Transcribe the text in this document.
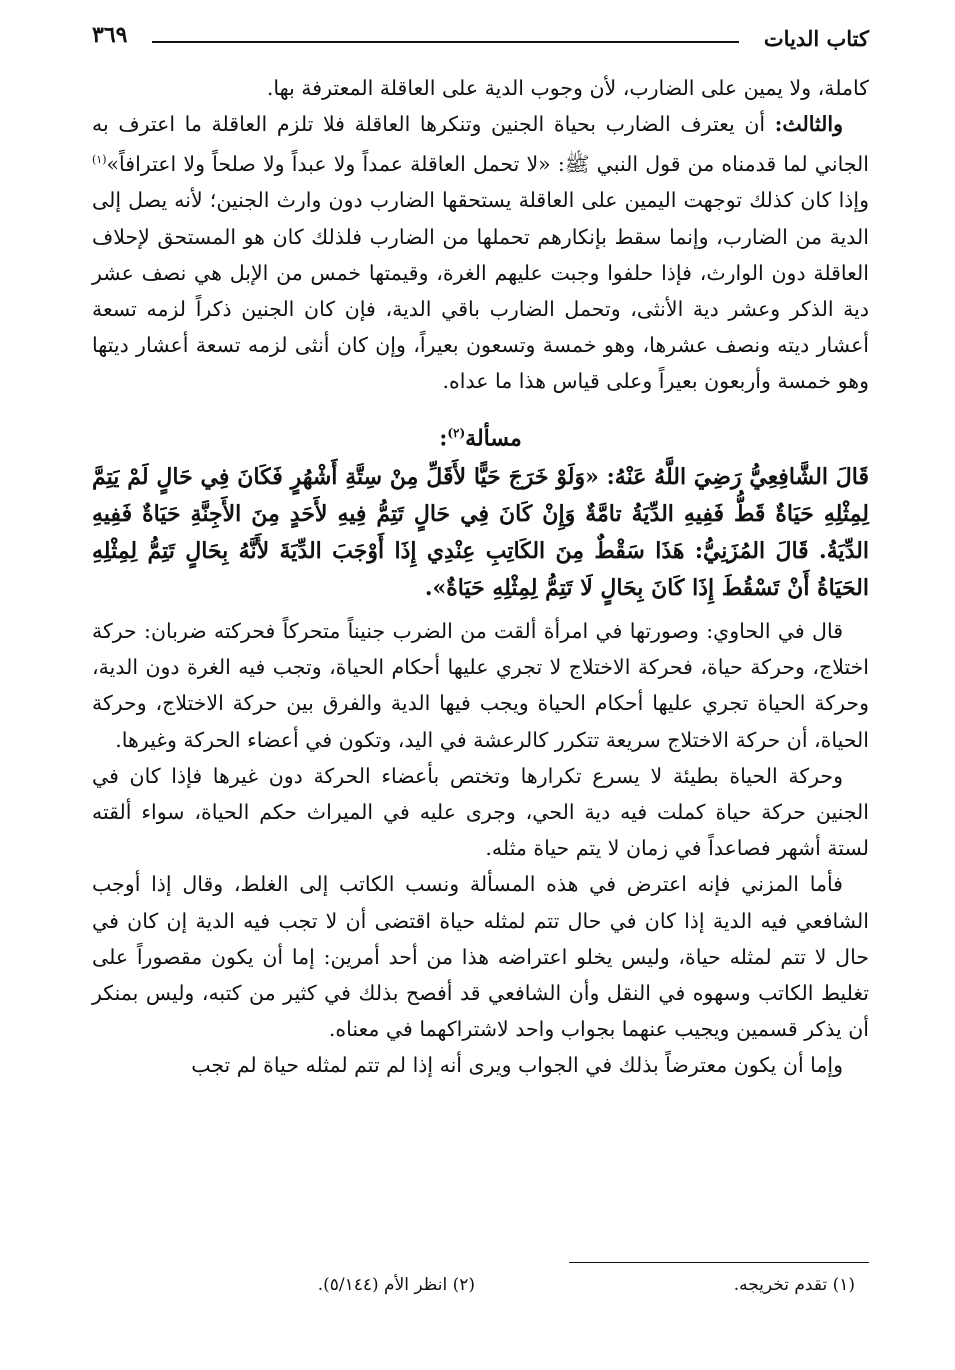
كتاب الديات
٣٦٩

كاملة، ولا يمين على الضارب، لأن وجوب الدية على العاقلة المعترفة بها.

والثالث: أن يعترف الضارب بحياة الجنين وتنكرها العاقلة فلا تلزم العاقلة ما اعترف به الجاني لما قدمناه من قول النبي ﷺ: «لا تحمل العاقلة عمداً ولا عبداً ولا صلحاً ولا اعترافاً»$^{(١)}$ وإذا كان كذلك توجهت اليمين على العاقلة يستحقها الضارب دون وارث الجنين؛ لأنه يصل إلى الدية من الضارب، وإنما سقط بإنكارهم تحملها من الضارب فلذلك كان هو المستحق لإحلاف العاقلة دون الوارث، فإذا حلفوا وجبت عليهم الغرة، وقيمتها خمس من الإبل هي نصف عشر دية الذكر وعشر دية الأنثى، وتحمل الضارب باقي الدية، فإن كان الجنين ذكراً لزمه تسعة أعشار ديته ونصف عشرها، وهو خمسة وتسعون بعيراً، وإن كان أنثى لزمه تسعة أعشار ديتها وهو خمسة وأربعون بعيراً وعلى قياس هذا ما عداه.

مسألة$^{(٢)}$:

قَالَ الشَّافِعِيُّ رَضِيَ اللَّهُ عَنْهُ: «وَلَوْ خَرَجَ حَيًّا لأَقَلِّ مِنْ سِتَّةِ أَشْهُرٍ فَكَانَ فِي حَالٍ لَمْ يَتِمَّ لِمِثْلِهِ حَيَاةٌ قَطُّ فَفِيهِ الدِّيَةُ تامَّةٌ وَإِنْ كَانَ فِي حَالٍ تَتِمُّ فِيهِ لأَحَدٍ مِنَ الأَجِنَّةِ حَيَاةٌ فَفِيهِ الدِّيَةُ. قَالَ المُزَنِيُّ: هَذَا سَقْطٌ مِنَ الكَاتِبِ عِنْدِي إِذَا أَوْجَبَ الدِّيَةَ لأَنَّهُ بِحَالٍ تَتِمُّ لِمِثْلِهِ الحَيَاةُ أَنْ تَسْقُطَ إِذَا كَانَ بِحَالٍ لَا تَتِمُّ لِمِثْلِهِ حَيَاةٌ».

قال في الحاوي: وصورتها في امرأة ألقت من الضرب جنيناً متحركاً فحركته ضربان: حركة اختلاج، وحركة حياة، فحركة الاختلاج لا تجري عليها أحكام الحياة، وتجب فيه الغرة دون الدية، وحركة الحياة تجري عليها أحكام الحياة ويجب فيها الدية والفرق بين حركة الاختلاج، وحركة الحياة، أن حركة الاختلاج سريعة تتكرر كالرعشة في اليد، وتكون في أعضاء الحركة وغيرها.

وحركة الحياة بطيئة لا يسرع تكرارها وتختص بأعضاء الحركة دون غيرها فإذا كان في الجنين حركة حياة كملت فيه دية الحي، وجرى عليه في الميراث حكم الحياة، سواء ألقته لستة أشهر فصاعداً في زمان لا يتم حياة مثله.

فأما المزني فإنه اعترض في هذه المسألة ونسب الكاتب إلى الغلط، وقال إذا أوجب الشافعي فيه الدية إذا كان في حال تتم لمثله حياة اقتضى أن لا تجب فيه الدية إن كان في حال لا تتم لمثله حياة، وليس يخلو اعتراضه هذا من أحد أمرين: إما أن يكون مقصوراً على تغليط الكاتب وسهوه في النقل وأن الشافعي قد أفصح بذلك في كثير من كتبه، وليس بمنكر أن يذكر قسمين ويجيب عنهما بجواب واحد لاشتراكهما في معناه.

وإما أن يكون معترضاً بذلك في الجواب ويرى أنه إذا لم تتم لمثله حياة لم تجب

(١) تقدم تخريجه.
(٢) انظر الأم (٥/١٤٤).
